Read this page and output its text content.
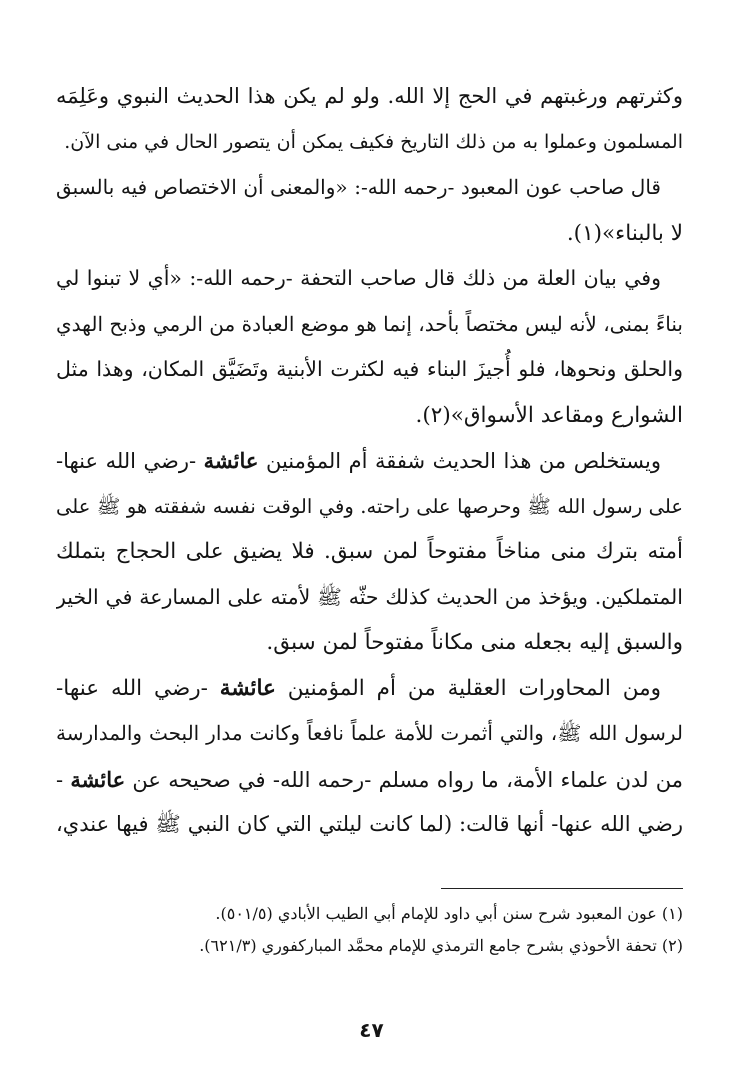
وكثرتهم ورغبتهم في الحج إلا الله. ولو لم يكن هذا الحديث النبوي وعَلِمَه
المسلمون وعملوا به من ذلك التاريخ فكيف يمكن أن يتصور الحال في منى الآن.
قال صاحب عون المعبود -رحمه الله-: «والمعنى أن الاختصاص فيه بالسبق
لا بالبناء»(١).
وفي بيان العلة من ذلك قال صاحب التحفة -رحمه الله-: «أي لا تبنوا لي
بناءً بمنى، لأنه ليس مختصاً بأحد، إنما هو موضع العبادة من الرمي وذبح الهدي
والحلق ونحوها، فلو أُجيزَ البناء فيه لكثرت الأبنية وتَضَيَّق المكان، وهذا مثل
الشوارع ومقاعد الأسواق»(٢).
ويستخلص من هذا الحديث شفقة أم المؤمنين عائشة -رضي الله عنها-
على رسول الله ﷺ وحرصها على راحته. وفي الوقت نفسه شفقته هو ﷺ على
أمته بترك منى مناخاً مفتوحاً لمن سبق. فلا يضيق على الحجاج بتملك
المتملكين. ويؤخذ من الحديث كذلك حثّه ﷺ لأمته على المسارعة في الخير
والسبق إليه بجعله منى مكاناً مفتوحاً لمن سبق.
ومن المحاورات العقلية من أم المؤمنين عائشة -رضي الله عنها-
لرسول الله ﷺ، والتي أثمرت للأمة علماً نافعاً وكانت مدار البحث والمدارسة
من لدن علماء الأمة، ما رواه مسلم -رحمه الله- في صحيحه عن عائشة -
رضي الله عنها- أنها قالت: (لما كانت ليلتي التي كان النبي ﷺ فيها عندي،
(١) عون المعبود شرح سنن أبي داود للإمام أبي الطيب الأبادي (٥٠١/٥).
(٢) تحفة الأحوذي بشرح جامع الترمذي للإمام محمَّد المباركفوري (٦٢١/٣).
٤٧
